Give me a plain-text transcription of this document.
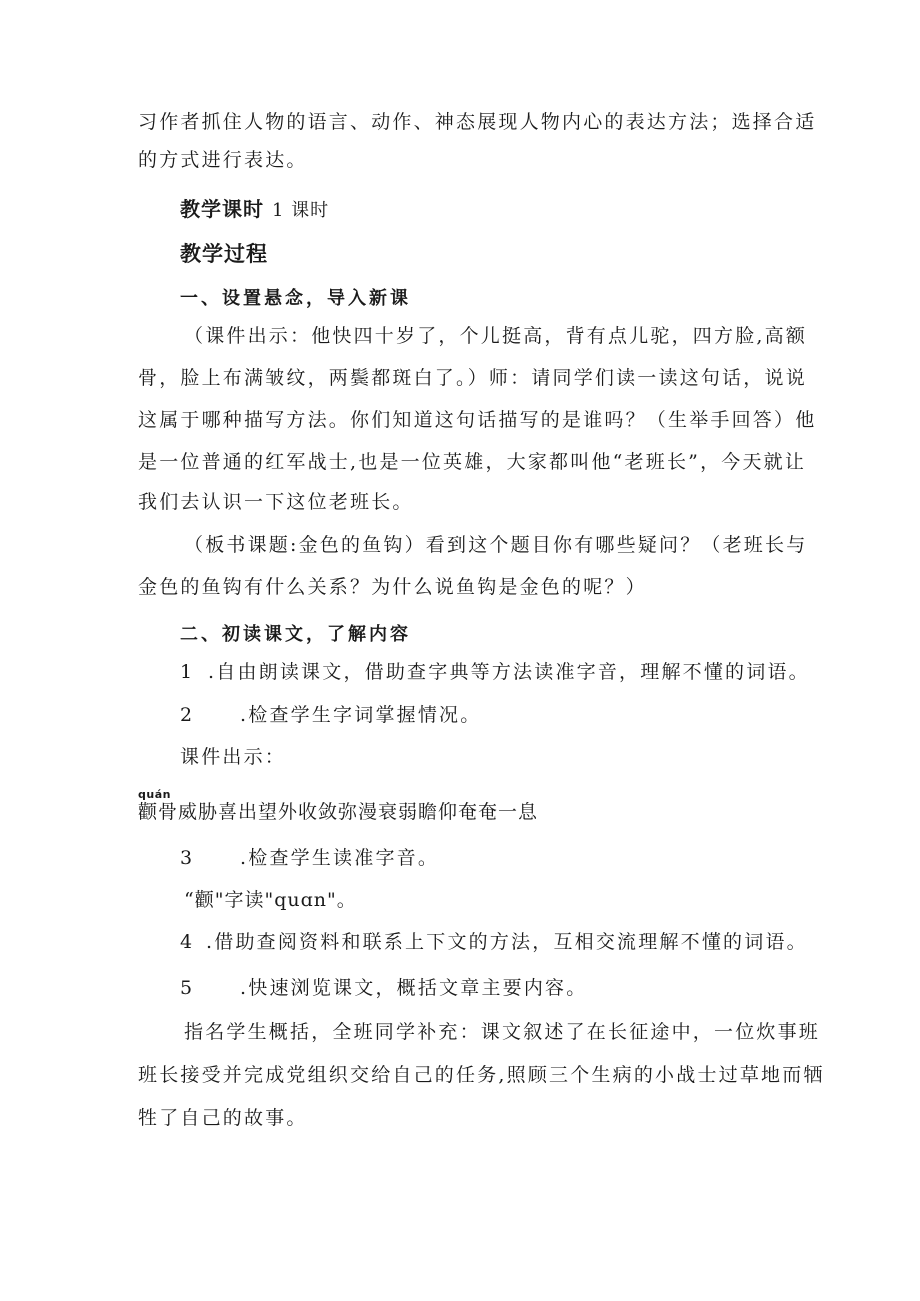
习作者抓住人物的语言、动作、神态展现人物内心的表达方法；选择合适
的方式进行表达。
教学课时 1 课时
教学过程
一、设置悬念，导入新课
（课件出示：他快四十岁了，个儿挺高，背有点儿驼，四方脸,高额
骨，脸上布满皱纹，两鬓都斑白了。）师：请同学们读一读这句话，说说
这属于哪种描写方法。你们知道这句话描写的是谁吗？（生举手回答）他
是一位普通的红军战士,也是一位英雄，大家都叫他“老班长”，今天就让
我们去认识一下这位老班长。
（板书课题:金色的鱼钩）看到这个题目你有哪些疑问？（老班长与
金色的鱼钩有什么关系？为什么说鱼钩是金色的呢？）
二、初读课文，了解内容
1 .自由朗读课文，借助查字典等方法读准字音，理解不懂的词语。
2 .检查学生字词掌握情况。
课件出示：
quán
颧骨威胁喜出望外收敛弥漫衰弱瞻仰奄奄一息
3 .检查学生读准字音。
“颧"字读"quɑn"。
4 .借助查阅资料和联系上下文的方法，互相交流理解不懂的词语。
5 .快速浏览课文，概括文章主要内容。
指名学生概括，全班同学补充：课文叙述了在长征途中，一位炊事班
班长接受并完成党组织交给自己的任务,照顾三个生病的小战士过草地而牺
牲了自己的故事。
